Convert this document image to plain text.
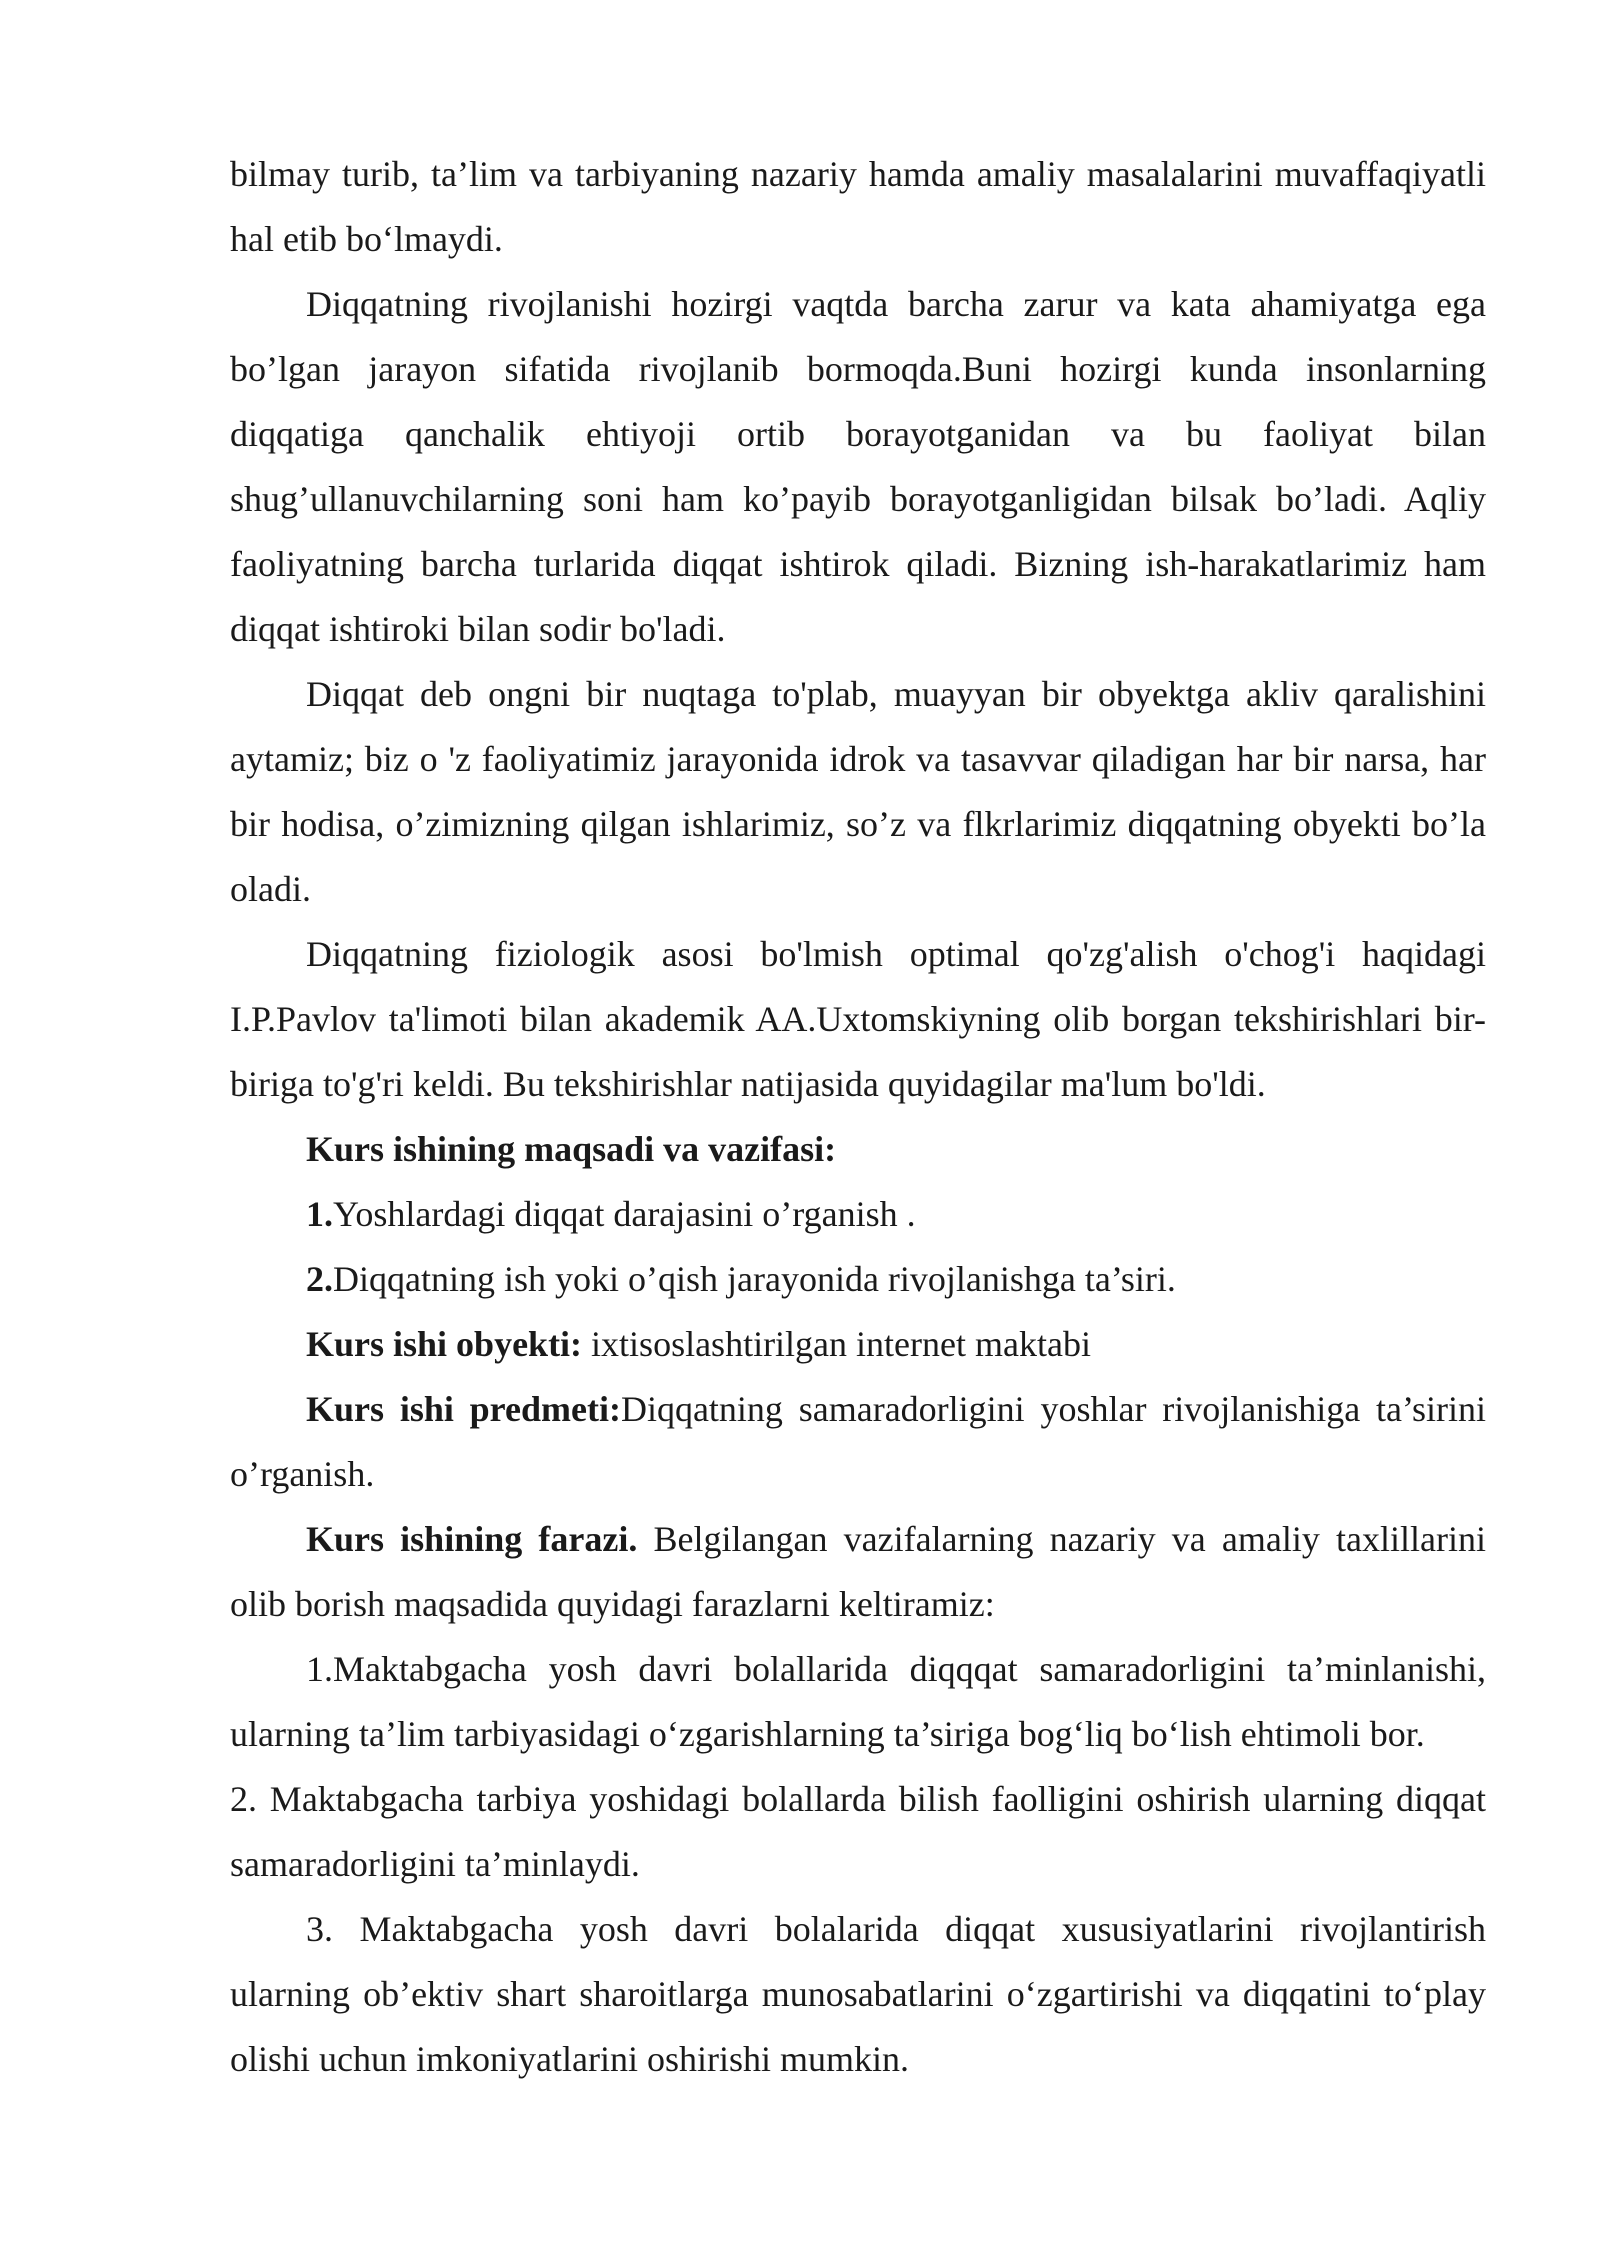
bilmay turib, ta’lim va tarbiyaning nazariy hamda amaliy masalalarini muvaffaqiyatli hal etib bo‘lmaydi.

Diqqatning rivojlanishi hozirgi vaqtda barcha zarur va kata ahamiyatga ega bo’lgan jarayon sifatida rivojlanib bormoqda.Buni hozirgi kunda insonlarning diqqatiga qanchalik ehtiyoji ortib borayotganidan va bu faoliyat bilan shug’ullanuvchilarning soni ham ko’payib borayotganligidan bilsak bo’ladi. Aqliy faoliyatning barcha turlarida diqqat ishtirok qiladi. Bizning ish-harakatlarimiz ham diqqat ishtiroki bilan sodir bo'ladi.

Diqqat deb ongni bir nuqtaga to'plab, muayyan bir obyektga akliv qaralishini aytamiz; biz o 'z faoliyatimiz jarayonida idrok va tasavvar qiladigan har bir narsa, har bir hodisa, o’zimizning qilgan ishlarimiz, so’z va flkrlarimiz diqqatning obyekti bo’la oladi.

Diqqatning fiziologik asosi bo'lmish optimal qo'zg'alish o'chog'i haqidagi I.P.Pavlov ta'limoti bilan akademik AA.Uxtomskiyning olib borgan tekshirishlari bir-biriga to'g'ri keldi. Bu tekshirishlar natijasida quyidagilar ma'lum bo'ldi.

Kurs ishining maqsadi va vazifasi:

1.Yoshlardagi diqqat darajasini o’rganish .

2.Diqqatning ish yoki o’qish jarayonida rivojlanishga ta’siri.

Kurs ishi obyekti: ixtisoslashtirilgan internet maktabi

Kurs ishi predmeti:Diqqatning samaradorligini yoshlar rivojlanishiga ta’sirini o’rganish.

Kurs ishining farazi. Belgilangan vazifalarning nazariy va amaliy taxlillarini olib borish maqsadida quyidagi farazlarni keltiramiz:

1.Maktabgacha yosh davri bolallarida diqqqat samaradorligini ta’minlanishi, ularning ta’lim tarbiyasidagi o‘zgarishlarning ta’siriga bog‘liq bo‘lish ehtimoli bor.

2. Maktabgacha tarbiya yoshidagi bolallarda bilish faolligini oshirish ularning diqqat samaradorligini ta’minlaydi.

3. Maktabgacha yosh davri bolalarida diqqat xususiyatlarini rivojlantirish ularning ob’ektiv shart sharoitlarga munosabatlarini o‘zgartirishi va diqqatini to‘play olishi uchun imkoniyatlarini oshirishi mumkin.
